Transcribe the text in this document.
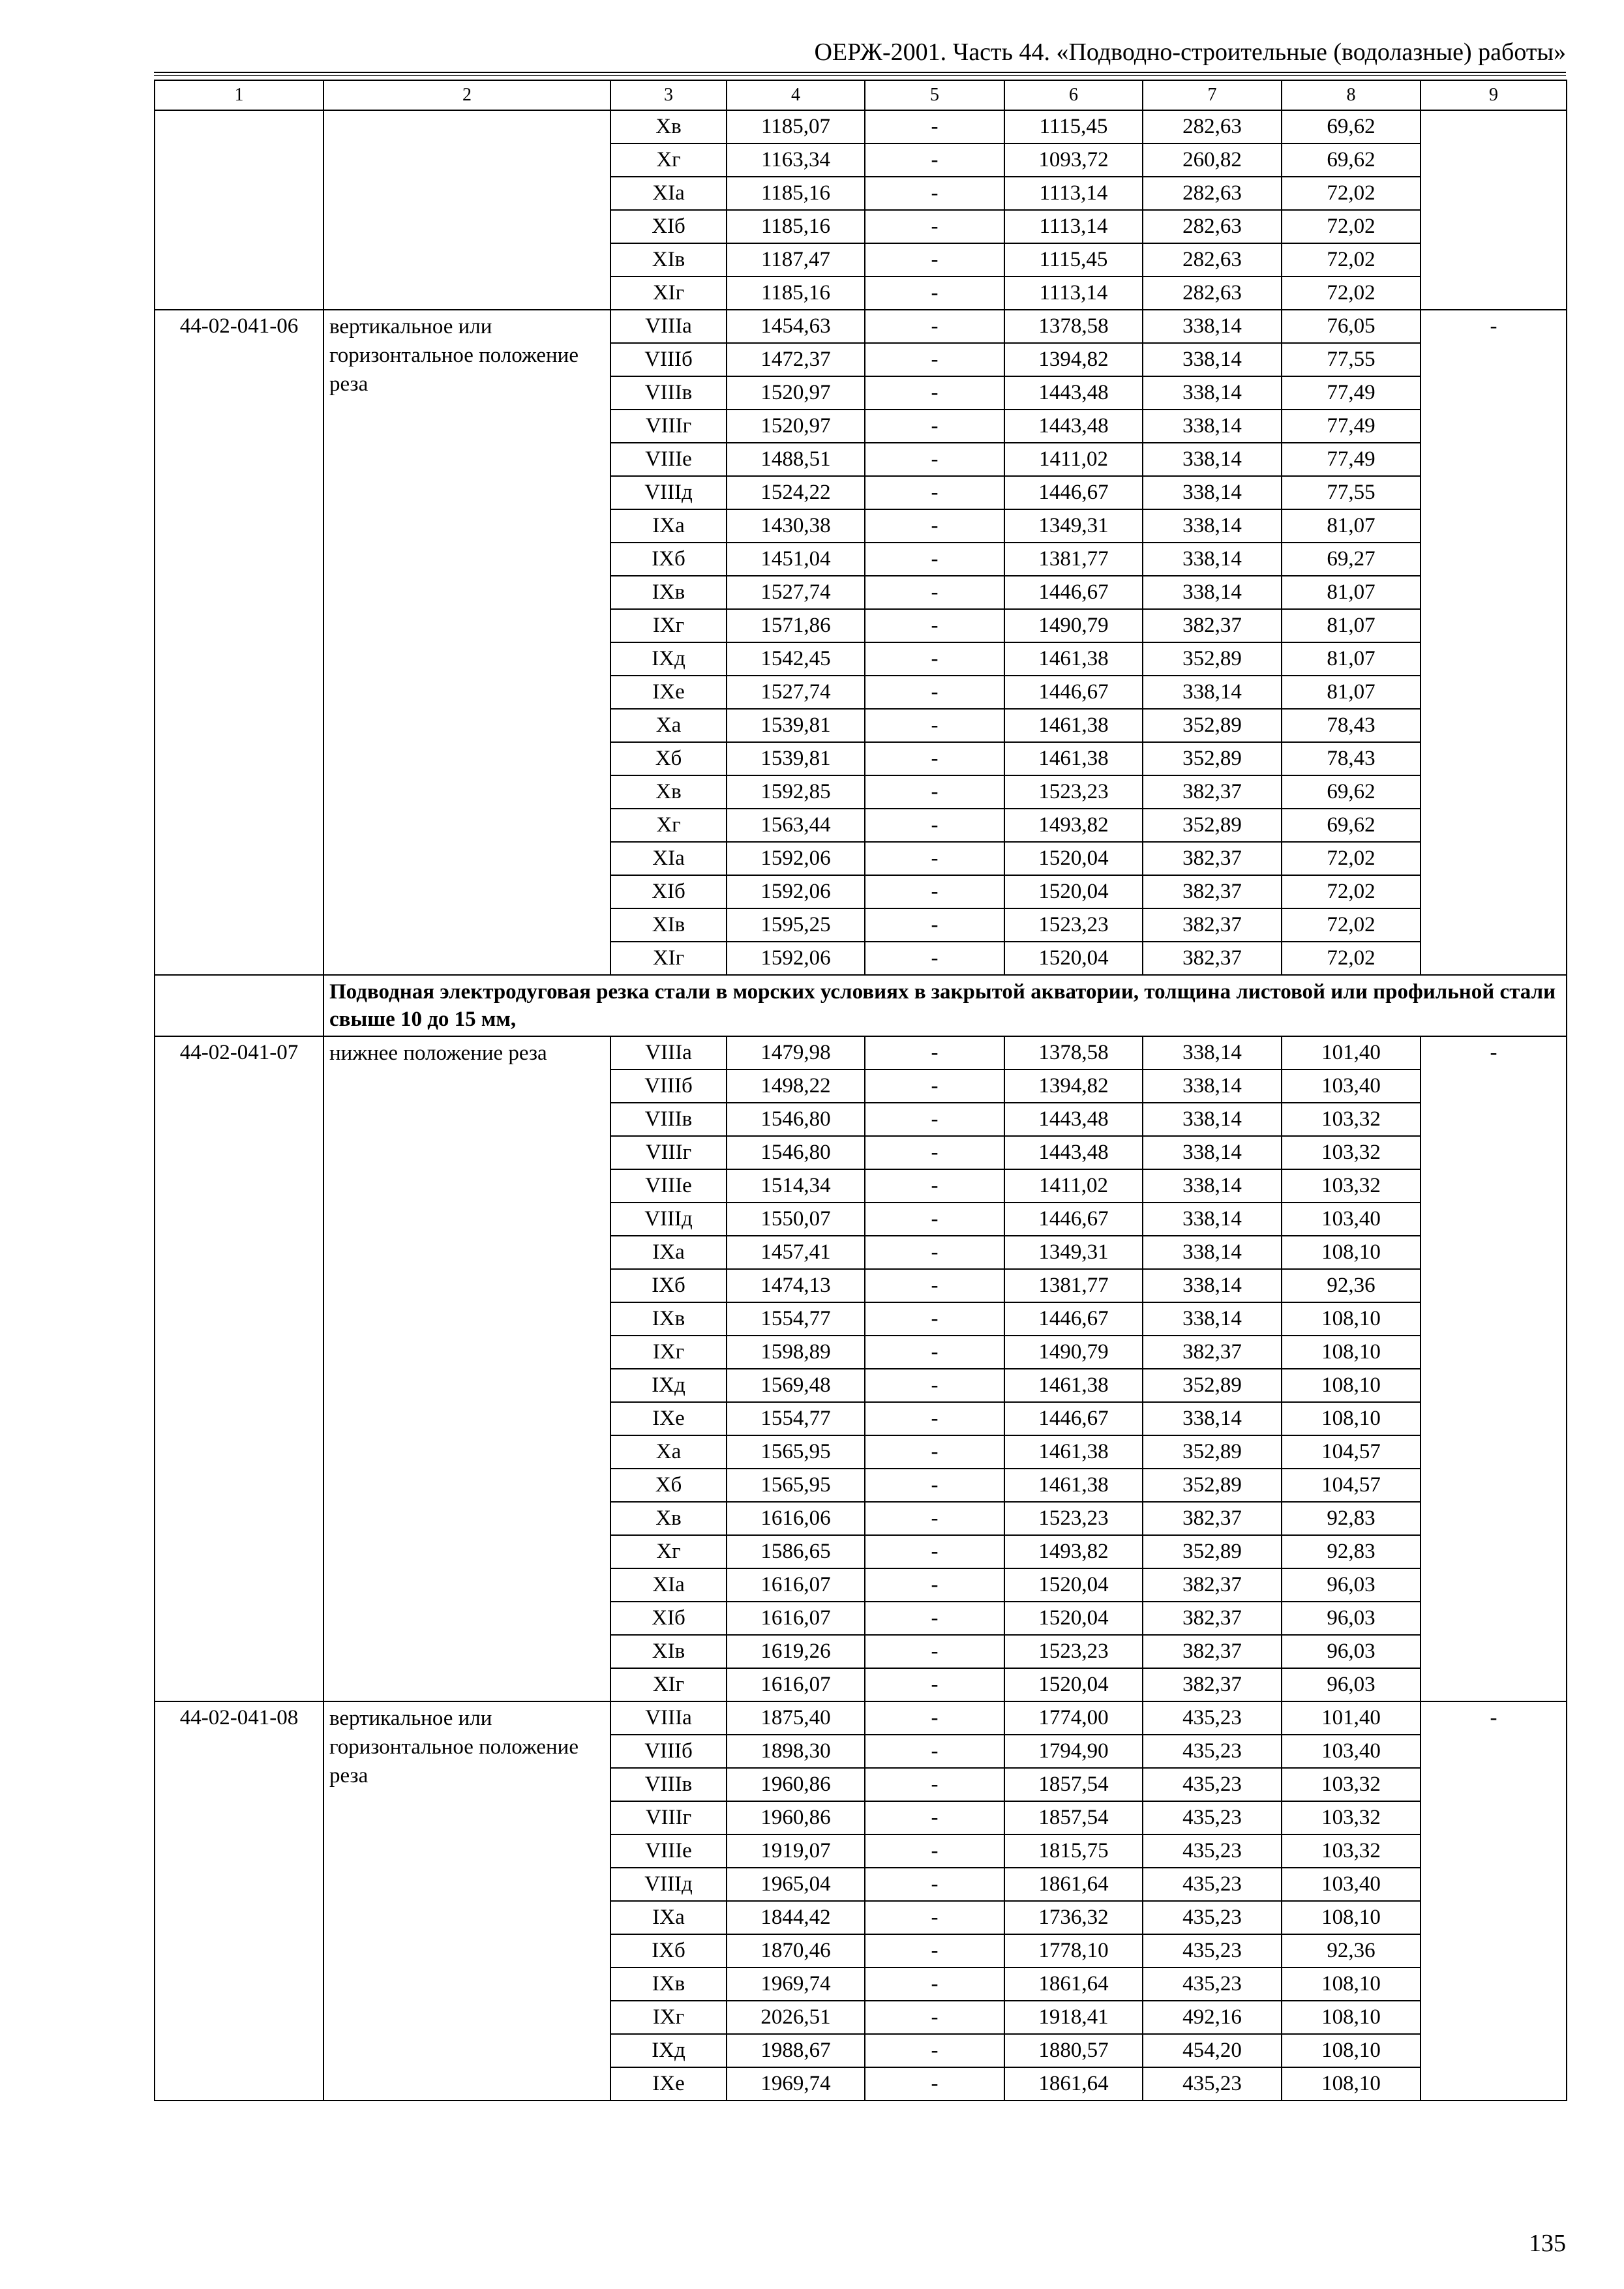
ОЕРЖ-2001. Часть 44. «Подводно-строительные (водолазные) работы»
1	2	3	4	5	6	7	8	9
		Хв	1185,07	-	1115,45	282,63	69,62	
		Хг	1163,34	-	1093,72	260,82	69,62	
		ХIа	1185,16	-	1113,14	282,63	72,02	
		ХIб	1185,16	-	1113,14	282,63	72,02	
		ХIв	1187,47	-	1115,45	282,63	72,02	
		ХIг	1185,16	-	1113,14	282,63	72,02	
44-02-041-06	вертикальное или горизонтальное положение реза	VIIIа	1454,63	-	1378,58	338,14	76,05	-
		VIIIб	1472,37	-	1394,82	338,14	77,55	
		VIIIв	1520,97	-	1443,48	338,14	77,49	
		VIIIг	1520,97	-	1443,48	338,14	77,49	
		VIIIе	1488,51	-	1411,02	338,14	77,49	
		VIIIд	1524,22	-	1446,67	338,14	77,55	
		IХа	1430,38	-	1349,31	338,14	81,07	
		IХб	1451,04	-	1381,77	338,14	69,27	
		IХв	1527,74	-	1446,67	338,14	81,07	
		IХг	1571,86	-	1490,79	382,37	81,07	
		IХд	1542,45	-	1461,38	352,89	81,07	
		IХе	1527,74	-	1446,67	338,14	81,07	
		Ха	1539,81	-	1461,38	352,89	78,43	
		Хб	1539,81	-	1461,38	352,89	78,43	
		Хв	1592,85	-	1523,23	382,37	69,62	
		Хг	1563,44	-	1493,82	352,89	69,62	
		ХIа	1592,06	-	1520,04	382,37	72,02	
		ХIб	1592,06	-	1520,04	382,37	72,02	
		ХIв	1595,25	-	1523,23	382,37	72,02	
		ХIг	1592,06	-	1520,04	382,37	72,02	
	Подводная электродуговая резка стали в морских условиях в закрытой акватории, толщина листовой или профильной стали свыше 10 до 15 мм,							
44-02-041-07	нижнее положение реза	VIIIа	1479,98	-	1378,58	338,14	101,40	-
		VIIIб	1498,22	-	1394,82	338,14	103,40	
		VIIIв	1546,80	-	1443,48	338,14	103,32	
		VIIIг	1546,80	-	1443,48	338,14	103,32	
		VIIIе	1514,34	-	1411,02	338,14	103,32	
		VIIIд	1550,07	-	1446,67	338,14	103,40	
		IХа	1457,41	-	1349,31	338,14	108,10	
		IХб	1474,13	-	1381,77	338,14	92,36	
		IХв	1554,77	-	1446,67	338,14	108,10	
		IХг	1598,89	-	1490,79	382,37	108,10	
		IХд	1569,48	-	1461,38	352,89	108,10	
		IХе	1554,77	-	1446,67	338,14	108,10	
		Ха	1565,95	-	1461,38	352,89	104,57	
		Хб	1565,95	-	1461,38	352,89	104,57	
		Хв	1616,06	-	1523,23	382,37	92,83	
		Хг	1586,65	-	1493,82	352,89	92,83	
		ХIа	1616,07	-	1520,04	382,37	96,03	
		ХIб	1616,07	-	1520,04	382,37	96,03	
		ХIв	1619,26	-	1523,23	382,37	96,03	
		ХIг	1616,07	-	1520,04	382,37	96,03	
44-02-041-08	вертикальное или горизонтальное положение реза	VIIIа	1875,40	-	1774,00	435,23	101,40	-
		VIIIб	1898,30	-	1794,90	435,23	103,40	
		VIIIв	1960,86	-	1857,54	435,23	103,32	
		VIIIг	1960,86	-	1857,54	435,23	103,32	
		VIIIе	1919,07	-	1815,75	435,23	103,32	
		VIIIд	1965,04	-	1861,64	435,23	103,40	
		IХа	1844,42	-	1736,32	435,23	108,10	
		IХб	1870,46	-	1778,10	435,23	92,36	
		IХв	1969,74	-	1861,64	435,23	108,10	
		IХг	2026,51	-	1918,41	492,16	108,10	
		IХд	1988,67	-	1880,57	454,20	108,10	
		IХе	1969,74	-	1861,64	435,23	108,10	
135
